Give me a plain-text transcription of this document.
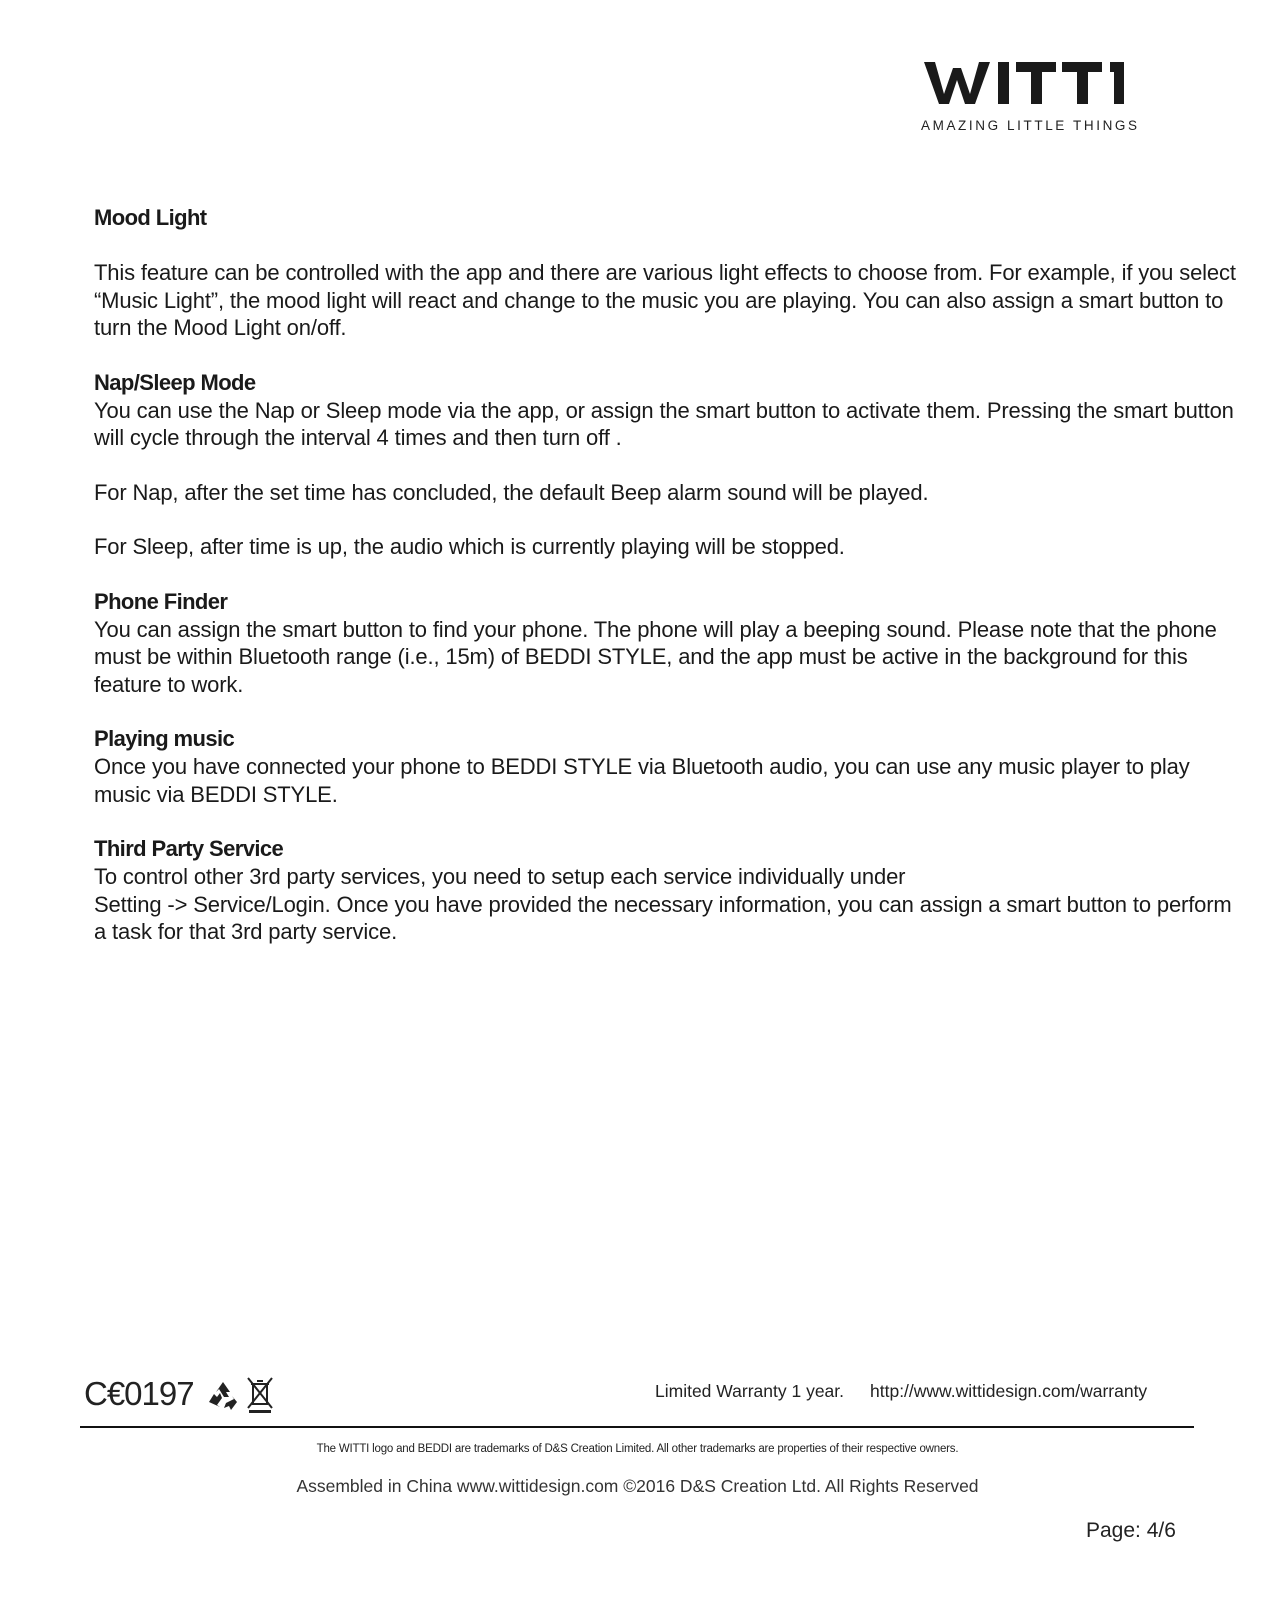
AMAZING LITTLE THINGS
Mood Light

This feature can be controlled with the app and there are various light effects to choose from. For example, if you select “Music Light”, the mood light will react and change to the music you are playing. You can also assign a smart button to turn the Mood Light on/off.

Nap/Sleep Mode

You can use the Nap or Sleep mode via the app, or assign the smart button to activate them. Pressing the smart button will cycle through the interval 4 times and then turn off .

For Nap, after the set time has concluded, the default Beep alarm sound will be played.

For Sleep, after time is up, the audio which is currently playing will be stopped.

Phone Finder

You can assign the smart button to find your phone. The phone will play a beeping sound. Please note that the phone must be within Bluetooth range (i.e., 15m) of BEDDI STYLE, and the app must be active in the background for this feature to work.

Playing music

Once you have connected your phone to BEDDI STYLE via Bluetooth audio, you can use any music player to play music via BEDDI STYLE.

Third Party Service

To control other 3rd party services, you need to setup each service individually under

Setting -> Service/Login. Once you have provided the necessary information, you can assign a smart button to perform a task for that 3rd party service.

C€0197	Limited Warranty 1 year. http://www.wittidesign.com/warranty
The WITTI logo and BEDDI are trademarks of D&S Creation Limited. All other trademarks are properties of their respective owners.
Assembled in China www.wittidesign.com ©2016 D&S Creation Ltd. All Rights Reserved
Page: 4/6
